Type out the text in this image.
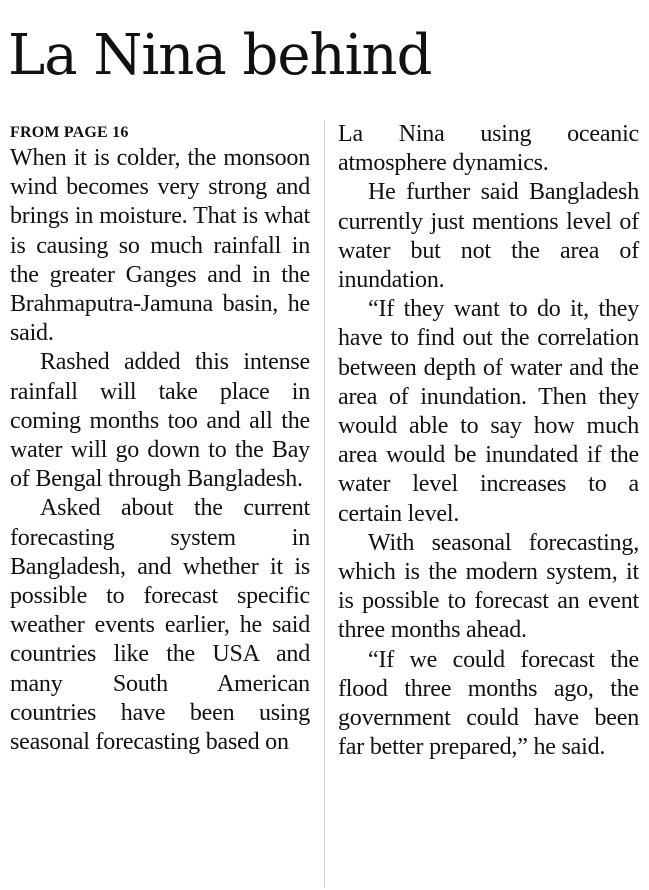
La Nina behind
FROM PAGE 16

When it is colder, the monsoon wind becomes very strong and brings in moisture. That is what is causing so much rainfall in the greater Ganges and in the Brahmaputra-Jamuna basin, he said.

Rashed added this intense rainfall will take place in coming months too and all the water will go down to the Bay of Bengal through Bangladesh.

Asked about the current forecasting system in Bangladesh, and whether it is possible to forecast specific weather events earlier, he said countries like the USA and many South American countries have been using seasonal forecasting based on

La Nina using oceanic atmosphere dynamics.

He further said Bangladesh currently just mentions level of water but not the area of inundation.

“If they want to do it, they have to find out the correlation between depth of water and the area of inundation. Then they would able to say how much area would be inundated if the water level increases to a certain level.

With seasonal forecasting, which is the modern system, it is possible to forecast an event three months ahead.

“If we could forecast the flood three months ago, the government could have been far better prepared,” he said.
